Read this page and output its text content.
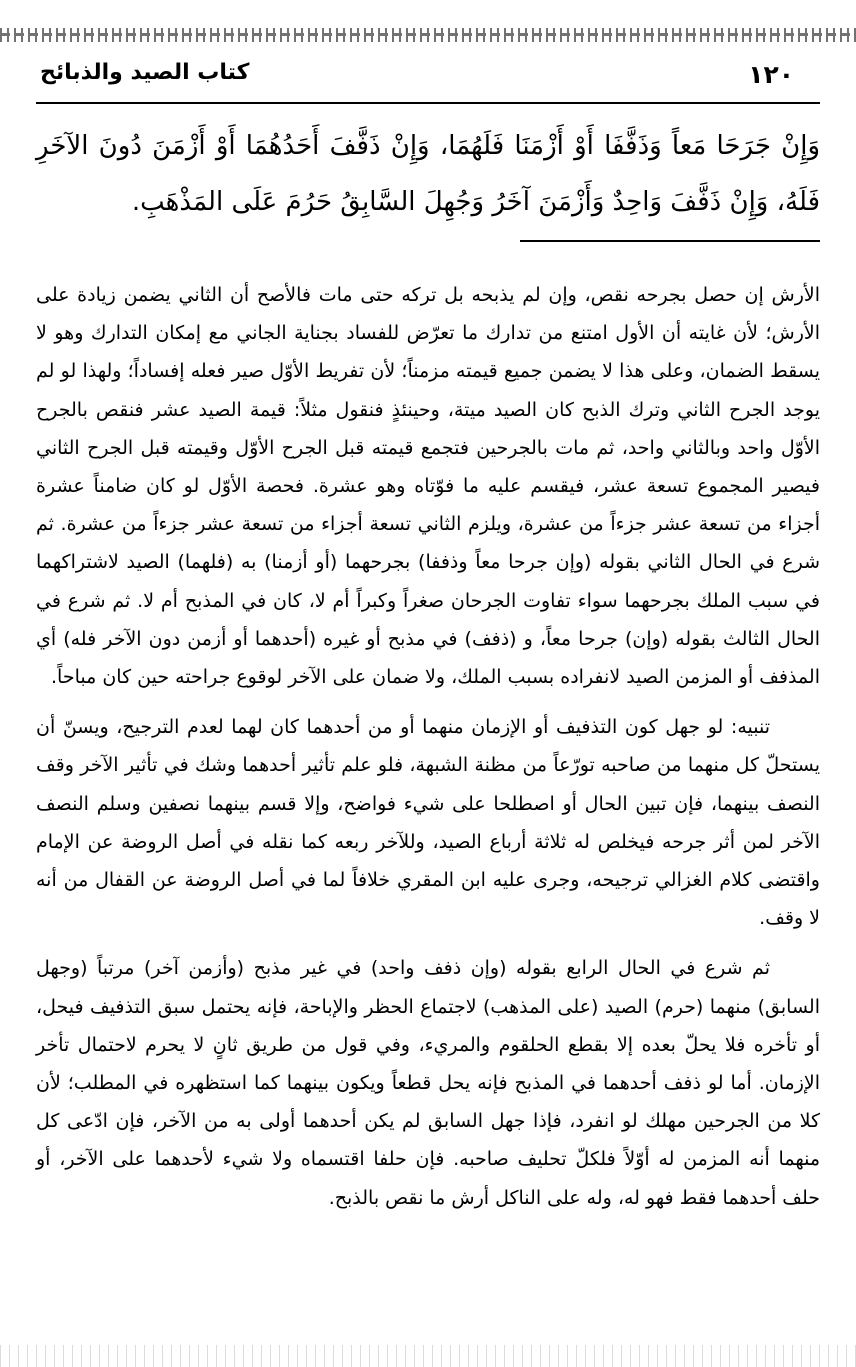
١٢٠
كتاب الصيد والذبائح
وَإِنْ جَرَحَا مَعاً وَذَفَّفَا أَوْ أَزْمَنَا فَلَهُمَا، وَإِنْ ذَفَّفَ أَحَدُهُمَا أَوْ أَزْمَنَ دُونَ الآخَرِ فَلَهُ، وَإِنْ ذَفَّفَ وَاحِدٌ وَأَزْمَنَ آخَرُ وَجُهِلَ السَّابِقُ حَرُمَ عَلَى المَذْهَبِ.

الأرش إن حصل بجرحه نقص، وإن لم يذبحه بل تركه حتى مات فالأصح أن الثاني يضمن زيادة على الأرش؛ لأن غايته أن الأول امتنع من تدارك ما تعرّض للفساد بجناية الجاني مع إمكان التدارك وهو لا يسقط الضمان، وعلى هذا لا يضمن جميع قيمته مزمناً؛ لأن تفريط الأوّل صير فعله إفساداً؛ ولهذا لو لم يوجد الجرح الثاني وترك الذبح كان الصيد ميتة، وحينئذٍ فنقول مثلاً: قيمة الصيد عشر فنقص بالجرح الأوّل واحد وبالثاني واحد، ثم مات بالجرحين فتجمع قيمته قبل الجرح الأوّل وقيمته قبل الجرح الثاني فيصير المجموع تسعة عشر، فيقسم عليه ما فوّتاه وهو عشرة. فحصة الأوّل لو كان ضامناً عشرة أجزاء من تسعة عشر جزءاً من عشرة، ويلزم الثاني تسعة أجزاء من تسعة عشر جزءاً من عشرة. ثم شرع في الحال الثاني بقوله (وإن جرحا معاً وذففا) بجرحهما (أو أزمنا) به (فلهما) الصيد لاشتراكهما في سبب الملك بجرحهما سواء تفاوت الجرحان صغراً وكبراً أم لا، كان في المذبح أم لا. ثم شرع في الحال الثالث بقوله (وإن) جرحا معاً، و (ذفف) في مذبح أو غيره (أحدهما أو أزمن دون الآخر فله) أي المذفف أو المزمن الصيد لانفراده بسبب الملك، ولا ضمان على الآخر لوقوع جراحته حين كان مباحاً.

تنبيه: لو جهل كون التذفيف أو الإزمان منهما أو من أحدهما كان لهما لعدم الترجيح، ويسنّ أن يستحلّ كل منهما من صاحبه تورّعاً من مظنة الشبهة، فلو علم تأثير أحدهما وشك في تأثير الآخر وقف النصف بينهما، فإن تبين الحال أو اصطلحا على شيء فواضح، وإلا قسم بينهما نصفين وسلم النصف الآخر لمن أثر جرحه فيخلص له ثلاثة أرباع الصيد، وللآخر ربعه كما نقله في أصل الروضة عن الإمام واقتضى كلام الغزالي ترجيحه، وجرى عليه ابن المقري خلافاً لما في أصل الروضة عن القفال من أنه لا وقف.

ثم شرع في الحال الرابع بقوله (وإن ذفف واحد) في غير مذبح (وأزمن آخر) مرتباً (وجهل السابق) منهما (حرم) الصيد (على المذهب) لاجتماع الحظر والإباحة، فإنه يحتمل سبق التذفيف فيحل، أو تأخره فلا يحلّ بعده إلا بقطع الحلقوم والمريء، وفي قول من طريق ثانٍ لا يحرم لاحتمال تأخر الإزمان. أما لو ذفف أحدهما في المذبح فإنه يحل قطعاً ويكون بينهما كما استظهره في المطلب؛ لأن كلا من الجرحين مهلك لو انفرد، فإذا جهل السابق لم يكن أحدهما أولى به من الآخر، فإن ادّعى كل منهما أنه المزمن له أوّلاً فلكلّ تحليف صاحبه. فإن حلفا اقتسماه ولا شيء لأحدهما على الآخر، أو حلف أحدهما فقط فهو له، وله على الناكل أرش ما نقص بالذبح.
